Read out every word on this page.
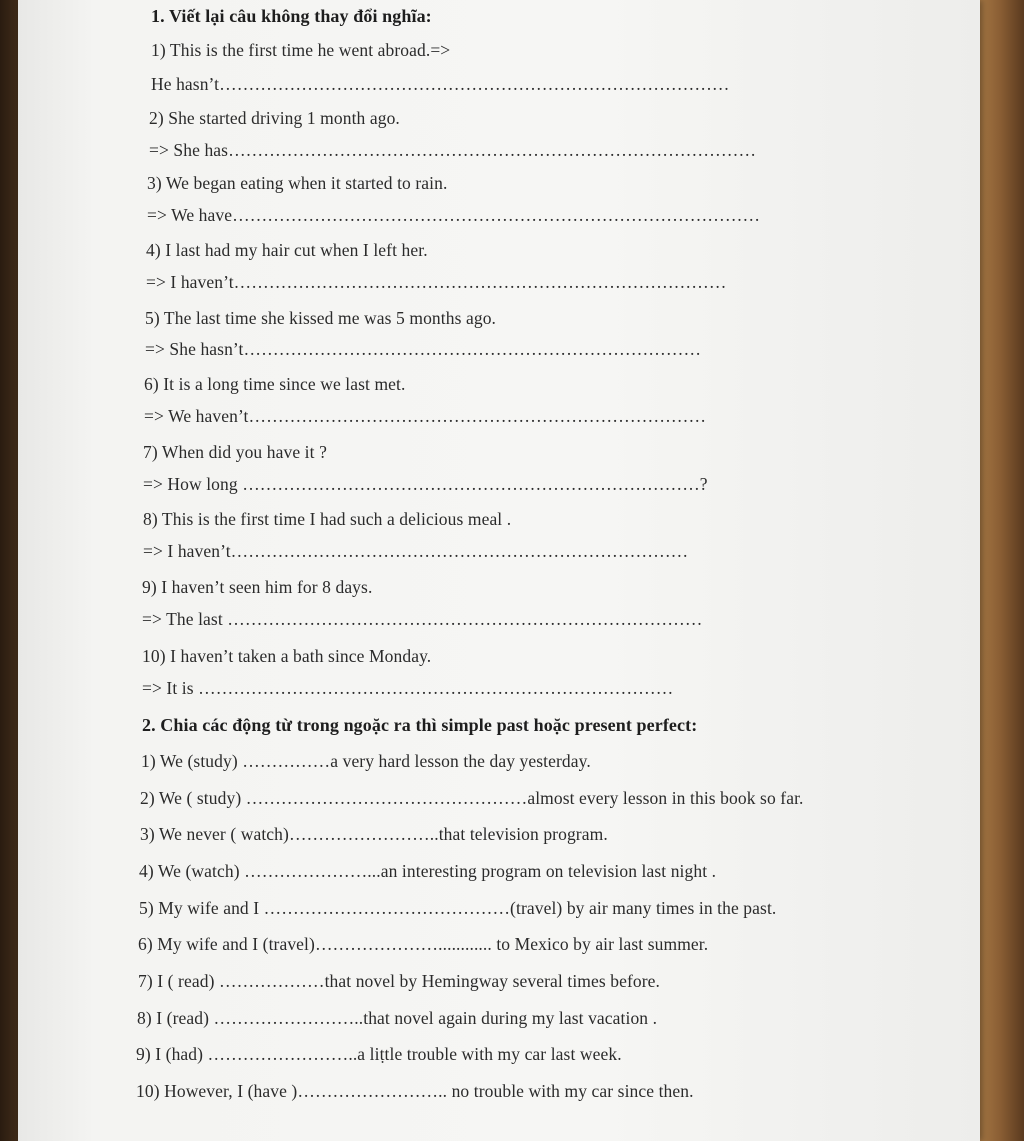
1. Viết lại câu không thay đổi nghĩa:
1) This is the first time he went abroad.=>
He hasn’t……………………………………………………………………………
2) She started driving 1 month ago.
=> She has………………………………………………………………………………
3) We began eating when it started to rain.
=> We have………………………………………………………………………………
4) I last had my hair cut when I left her.
=> I haven’t…………………………………………………………………………
5) The last time she kissed me was 5 months ago.
=> She hasn’t……………………………………………………………………
6) It is a long time since we last met.
=> We haven’t……………………………………………………………………
7) When did you have it ?
=> How long ……………………………………………………………………?
8) This is the first time I had such a delicious meal .
=> I haven’t……………………………………………………………………
9) I haven’t seen him for 8 days.
=> The last ………………………………………………………………………
10) I haven’t taken a bath since Monday.
=> It is ………………………………………………………………………
2. Chia các động từ trong ngoặc ra thì simple past hoặc present perfect:
1) We (study) ……………a very hard lesson the day yesterday.
2) We ( study) …………………………………………almost every lesson in this book so far.
3) We never ( watch)……………………..that television program.
4) We (watch) …………………...an interesting program on television last night .
5) My wife and I ……………………………………(travel) by air many times in the past.
6) My wife and I (travel)…………………............ to Mexico by air last summer.
7) I ( read) ………………that novel by Hemingway several times before.
8) I (read) ……………………..that novel again during my last vacation .
9) I (had) ……………………..a liṭtle trouble with my car last week.
10) However, I (have )…………………….. no trouble with my car since then.
